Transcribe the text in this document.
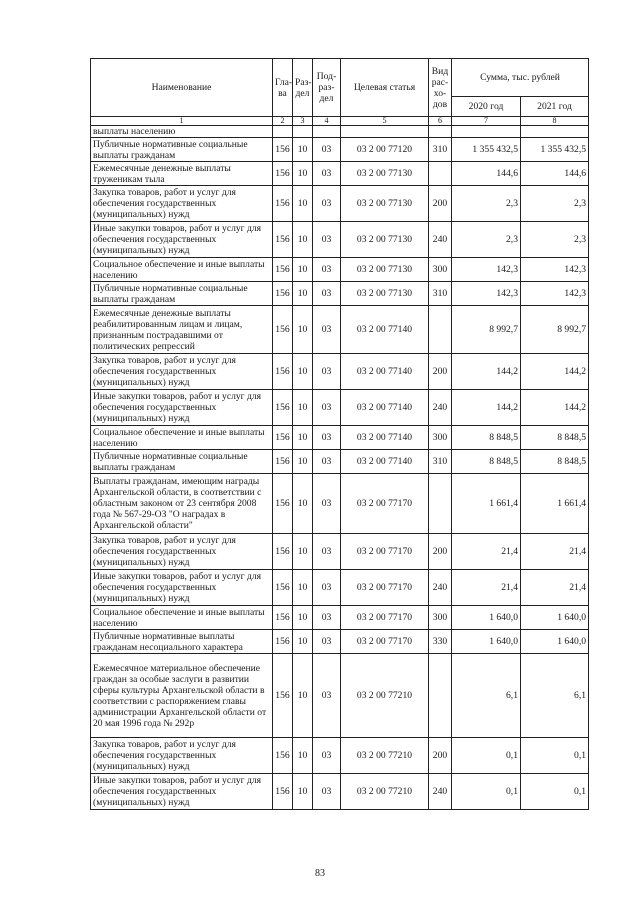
Наименование	Гла-ва	Раз-дел	Под-раз-дел	Целевая статья	Вид рас-хо-дов	Сумма, тыс. рублей	
						2020 год	2021 год
1	2	3	4	5	6	7	8
выплаты населению							
Публичные нормативные социальные выплаты гражданам	156	10	03	03 2 00 77120	310	1 355 432,5	1 355 432,5
Ежемесячные денежные выплаты труженикам тыла	156	10	03	03 2 00 77130		144,6	144,6
Закупка товаров, работ и услуг для обеспечения государственных (муниципальных) нужд	156	10	03	03 2 00 77130	200	2,3	2,3
Иные закупки товаров, работ и услуг для обеспечения государственных (муниципальных) нужд	156	10	03	03 2 00 77130	240	2,3	2,3
Социальное обеспечение и иные выплаты населению	156	10	03	03 2 00 77130	300	142,3	142,3
Публичные нормативные социальные выплаты гражданам	156	10	03	03 2 00 77130	310	142,3	142,3
Ежемесячные денежные выплаты реабилитированным лицам и лицам, признанным пострадавшими от политических репрессий	156	10	03	03 2 00 77140		8 992,7	8 992,7
Закупка товаров, работ и услуг для обеспечения государственных (муниципальных) нужд	156	10	03	03 2 00 77140	200	144,2	144,2
Иные закупки товаров, работ и услуг для обеспечения государственных (муниципальных) нужд	156	10	03	03 2 00 77140	240	144,2	144,2
Социальное обеспечение и иные выплаты населению	156	10	03	03 2 00 77140	300	8 848,5	8 848,5
Публичные нормативные социальные выплаты гражданам	156	10	03	03 2 00 77140	310	8 848,5	8 848,5
Выплаты гражданам, имеющим награды Архангельской области, в соответствии с областным законом от 23 сентября 2008 года № 567-29-ОЗ "О наградах в Архангельской области"	156	10	03	03 2 00 77170		1 661,4	1 661,4
Закупка товаров, работ и услуг для обеспечения государственных (муниципальных) нужд	156	10	03	03 2 00 77170	200	21,4	21,4
Иные закупки товаров, работ и услуг для обеспечения государственных (муниципальных) нужд	156	10	03	03 2 00 77170	240	21,4	21,4
Социальное обеспечение и иные выплаты населению	156	10	03	03 2 00 77170	300	1 640,0	1 640,0
Публичные нормативные выплаты гражданам несоциального характера	156	10	03	03 2 00 77170	330	1 640,0	1 640,0
Ежемесячное материальное обеспечение граждан за особые заслуги в развитии сферы культуры Архангельской области в соответствии с распоряжением главы администрации Архангельской области от 20 мая 1996 года № 292р	156	10	03	03 2 00 77210		6,1	6,1
Закупка товаров, работ и услуг для обеспечения государственных (муниципальных) нужд	156	10	03	03 2 00 77210	200	0,1	0,1
Иные закупки товаров, работ и услуг для обеспечения государственных (муниципальных) нужд	156	10	03	03 2 00 77210	240	0,1	0,1
83
